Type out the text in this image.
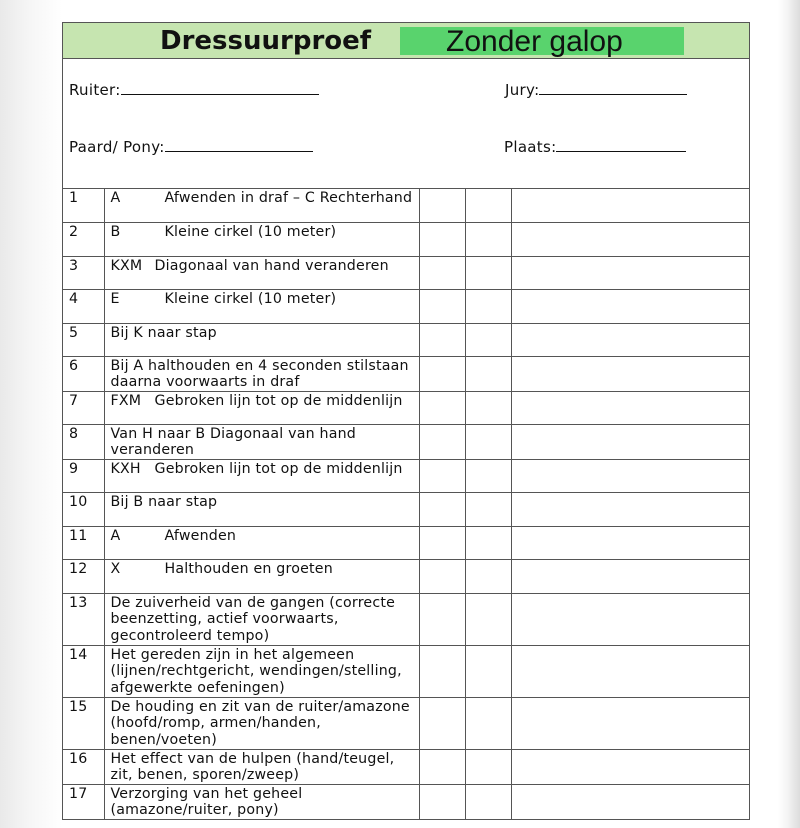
Dressuurproef Zonder galop
Ruiter:	Jury:
Paard/ Pony:	Plaats:
1	A Afwenden in draf – C Rechterhand			
2	B Kleine cirkel (10 meter)			
3	KXM Diagonaal van hand veranderen			
4	E Kleine cirkel (10 meter)			
5	Bij K naar stap			
6	Bij A halthouden en 4 seconden stilstaan daarna voorwaarts in draf			
7	FXM Gebroken lijn tot op de middenlijn			
8	Van H naar B Diagonaal van hand veranderen			
9	KXH Gebroken lijn tot op de middenlijn			
10	Bij B naar stap			
11	A Afwenden			
12	X Halthouden en groeten			
13	De zuiverheid van de gangen (correcte beenzetting, actief voorwaarts, gecontroleerd tempo)			
14	Het gereden zijn in het algemeen (lijnen/rechtgericht, wendingen/stelling, afgewerkte oefeningen)			
15	De houding en zit van de ruiter/amazone (hoofd/romp, armen/handen, benen/voeten)			
16	Het effect van de hulpen (hand/teugel, zit, benen, sporen/zweep)			
17	Verzorging van het geheel (amazone/ruiter, pony)			
